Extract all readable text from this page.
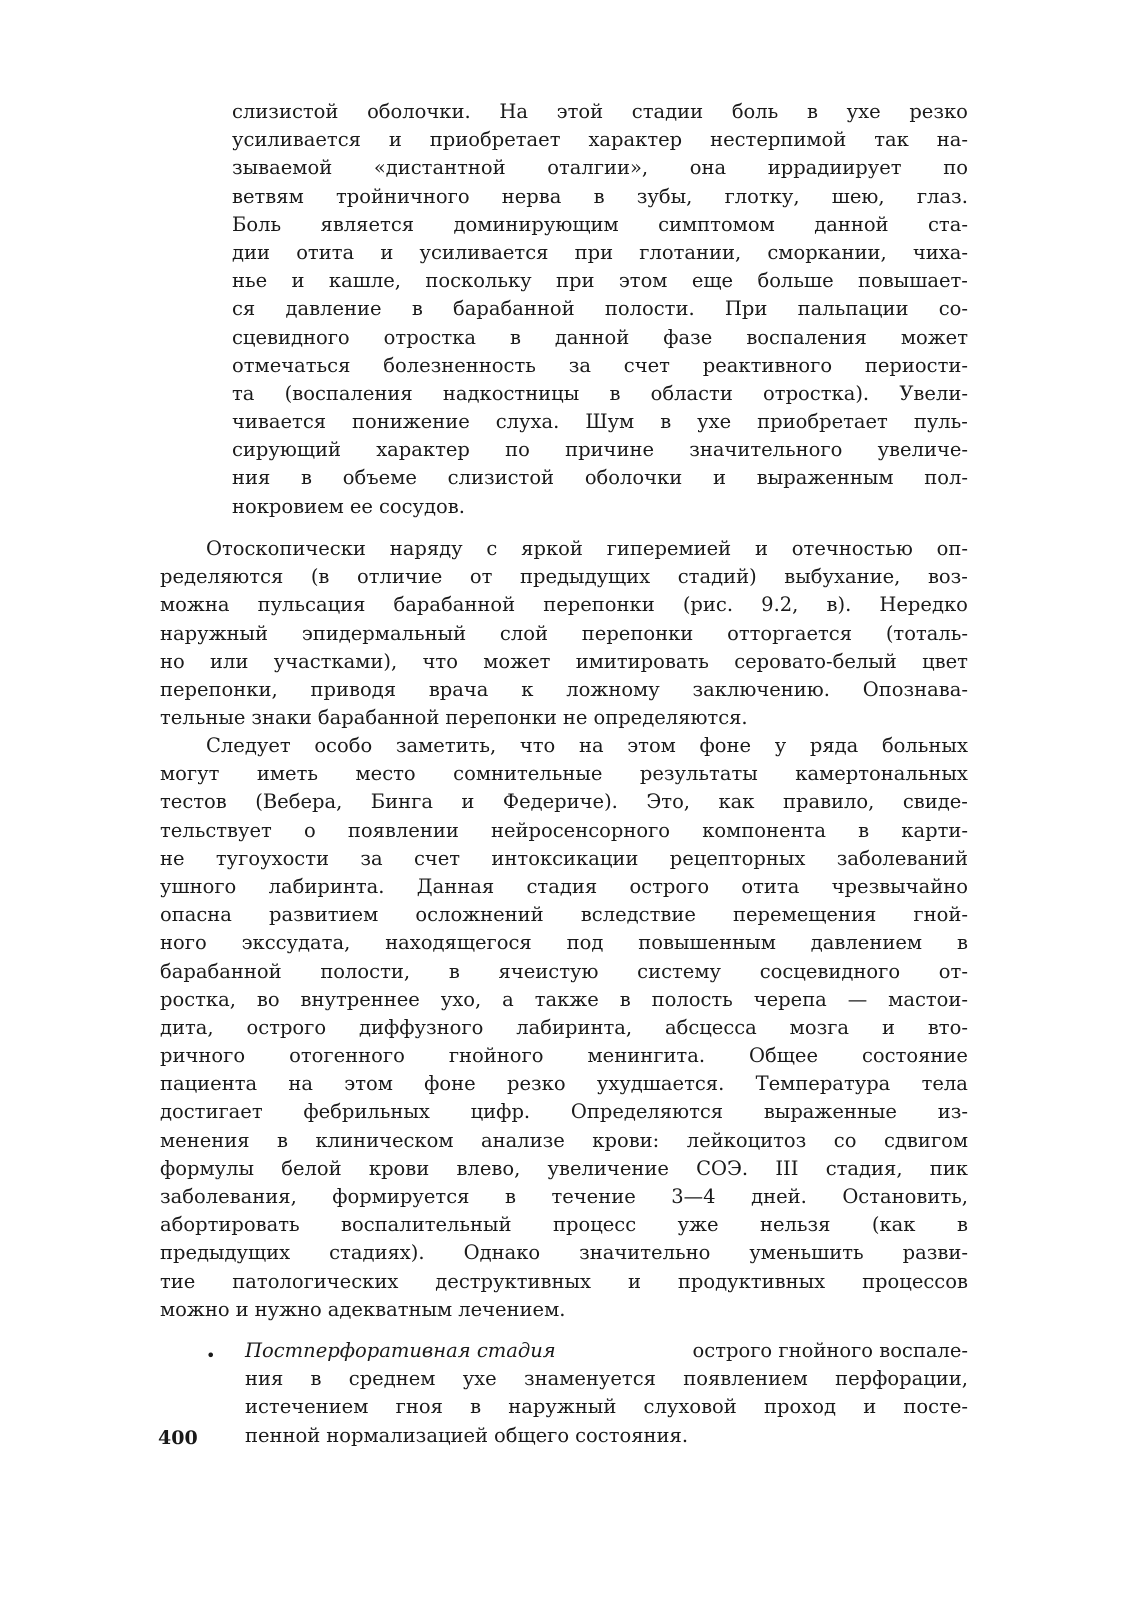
слизистой оболочки. На этой стадии боль в ухе резко
усиливается и приобретает характер нестерпимой так на-
зываемой «дистантной оталгии», она иррадиирует по
ветвям тройничного нерва в зубы, глотку, шею, глаз.
Боль является доминирующим симптомом данной ста-
дии отита и усиливается при глотании, сморкании, чиха-
нье и кашле, поскольку при этом еще больше повышает-
ся давление в барабанной полости. При пальпации со-
сцевидного отростка в данной фазе воспаления может
отмечаться болезненность за счет реактивного периости-
та (воспаления надкостницы в области отростка). Увели-
чивается понижение слуха. Шум в ухе приобретает пуль-
сирующий характер по причине значительного увеличе-
ния в объеме слизистой оболочки и выраженным пол-
нокровием ее сосудов.
Отоскопически наряду с яркой гиперемией и отечностью оп-
ределяются (в отличие от предыдущих стадий) выбухание, воз-
можна пульсация барабанной перепонки (рис. 9.2, в). Нередко
наружный эпидермальный слой перепонки отторгается (тоталь-
но или участками), что может имитировать серовато-белый цвет
перепонки, приводя врача к ложному заключению. Опознава-
тельные знаки барабанной перепонки не определяются.
Следует особо заметить, что на этом фоне у ряда больных
могут иметь место сомнительные результаты камертональных
тестов (Вебера, Бинга и Федериче). Это, как правило, свиде-
тельствует о появлении нейросенсорного компонента в карти-
не тугоухости за счет интоксикации рецепторных заболеваний
ушного лабиринта. Данная стадия острого отита чрезвычайно
опасна развитием осложнений вследствие перемещения гной-
ного экссудата, находящегося под повышенным давлением в
барабанной полости, в ячеистую систему сосцевидного от-
ростка, во внутреннее ухо, а также в полость черепа — мастои-
дита, острого диффузного лабиринта, абсцесса мозга и вто-
ричного отогенного гнойного менингита. Общее состояние
пациента на этом фоне резко ухудшается. Температура тела
достигает фебрильных цифр. Определяются выраженные из-
менения в клиническом анализе крови: лейкоцитоз со сдвигом
формулы белой крови влево, увеличение СОЭ. III стадия, пик
заболевания, формируется в течение 3—4 дней. Остановить,
абортировать воспалительный процесс уже нельзя (как в
предыдущих стадиях). Однако значительно уменьшить разви-
тие патологических деструктивных и продуктивных процессов
можно и нужно адекватным лечением.
• Постперфоративная стадия	острого гнойного воспале-
ния в среднем ухе знаменуется появлением перфорации,
истечением гноя в наружный слуховой проход и посте-
пенной нормализацией общего состояния.
400
